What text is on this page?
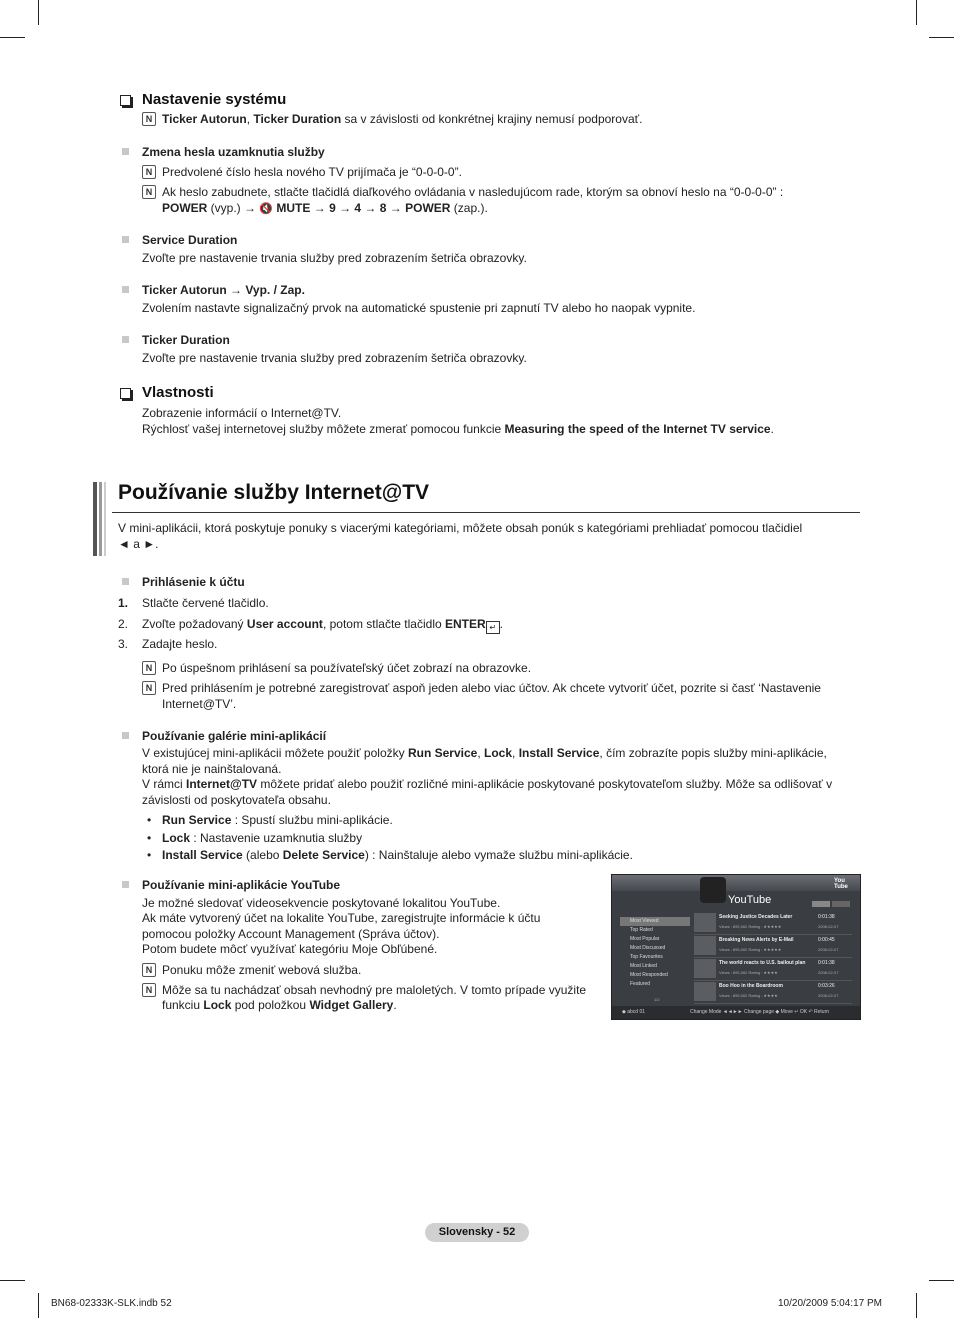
Nastavenie systému
N Ticker Autorun, Ticker Duration sa v závislosti od konkrétnej krajiny nemusí podporovať.
Zmena hesla uzamknutia služby
N Predvolené číslo hesla nového TV prijímača je “0-0-0-0”.
N Ak heslo zabudnete, stlačte tlačidlá diaľkového ovládania v nasledujúcom rade, ktorým sa obnoví heslo na “0-0-0-0” :
POWER (vyp.) → 🔇 MUTE → 9 → 4 → 8 → POWER (zap.).
Service Duration
Zvoľte pre nastavenie trvania služby pred zobrazením šetriča obrazovky.
Ticker Autorun → Vyp. / Zap.
Zvolením nastavte signalizačný prvok na automatické spustenie pri zapnutí TV alebo ho naopak vypnite.
Ticker Duration
Zvoľte pre nastavenie trvania služby pred zobrazením šetriča obrazovky.
Vlastnosti
Zobrazenie informácií o Internet@TV.
Rýchlosť vašej internetovej služby môžete zmerať pomocou funkcie Measuring the speed of the Internet TV service.
Používanie služby Internet@TV
V mini-aplikácii, ktorá poskytuje ponuky s viacerými kategóriami, môžete obsah ponúk s kategóriami prehliadať pomocou tlačidiel
◄ a ►.
Prihlásenie k účtu
1. Stlačte červené tlačidlo.
2. Zvoľte požadovaný User account, potom stlačte tlačidlo ENTER ↵ .
3. Zadajte heslo.
N Po úspešnom prihlásení sa používateľský účet zobrazí na obrazovke.
N Pred prihlásením je potrebné zaregistrovať aspoň jeden alebo viac účtov. Ak chcete vytvoriť účet, pozrite si časť ‘Nastavenie
Internet@TV’.
Používanie galérie mini-aplikácií
V existujúcej mini-aplikácii môžete použiť položky Run Service, Lock, Install Service, čím zobrazíte popis služby mini-aplikácie,
ktorá nie je nainštalovaná.
V rámci Internet@TV môžete pridať alebo použiť rozličné mini-aplikácie poskytované poskytovateľom služby. Môže sa odlišovať v
závislosti od poskytovateľa obsahu.
• Run Service : Spustí službu mini-aplikácie.
• Lock : Nastavenie uzamknutia služby
• Install Service (alebo Delete Service) : Nainštaluje alebo vymaže službu mini-aplikácie.
Používanie mini-aplikácie YouTube
Je možné sledovať videosekvencie poskytované lokalitou YouTube.
Ak máte vytvorený účet na lokalite YouTube, zaregistrujte informácie k účtu
pomocou položky Account Management (Správa účtov).
Potom budete môcť využívať kategóriu Moje Obľúbené.
N Ponuku môže zmeniť webová služba.
N Môže sa tu nachádzať obsah nevhodný pre maloletých. V tomto prípade využite
funkciu Lock pod položkou Widget Gallery.
You Tube
YouTube
Most Viewed
Top Rated
Most Popular
Most Discussed
Top Favourites
Most Linked
Most Responded
Featured
1/2
Seeking Justice Decades Later
Views : 895,062 Rating : ★★★★★
0:01:38
2008-02-07
Breaking News Alerts by E-Mail
Views : 895,062 Rating : ★★★★★
0:00:45
2008-02-07
The world reacts to U.S. bailout plan
Views : 895,062 Rating : ★★★★
0:01:38
2008-02-07
Boo Hoo in the Boardroom
Views : 895,062 Rating : ★★★★
0:03:26
2008-02-07
◆ abcd 01	Change Mode ◄◄►► Change page ◆ Move ↵ OK ↶ Return
Slovensky - 52
BN68-02333K-SLK.indb 52	10/20/2009 5:04:17 PM
